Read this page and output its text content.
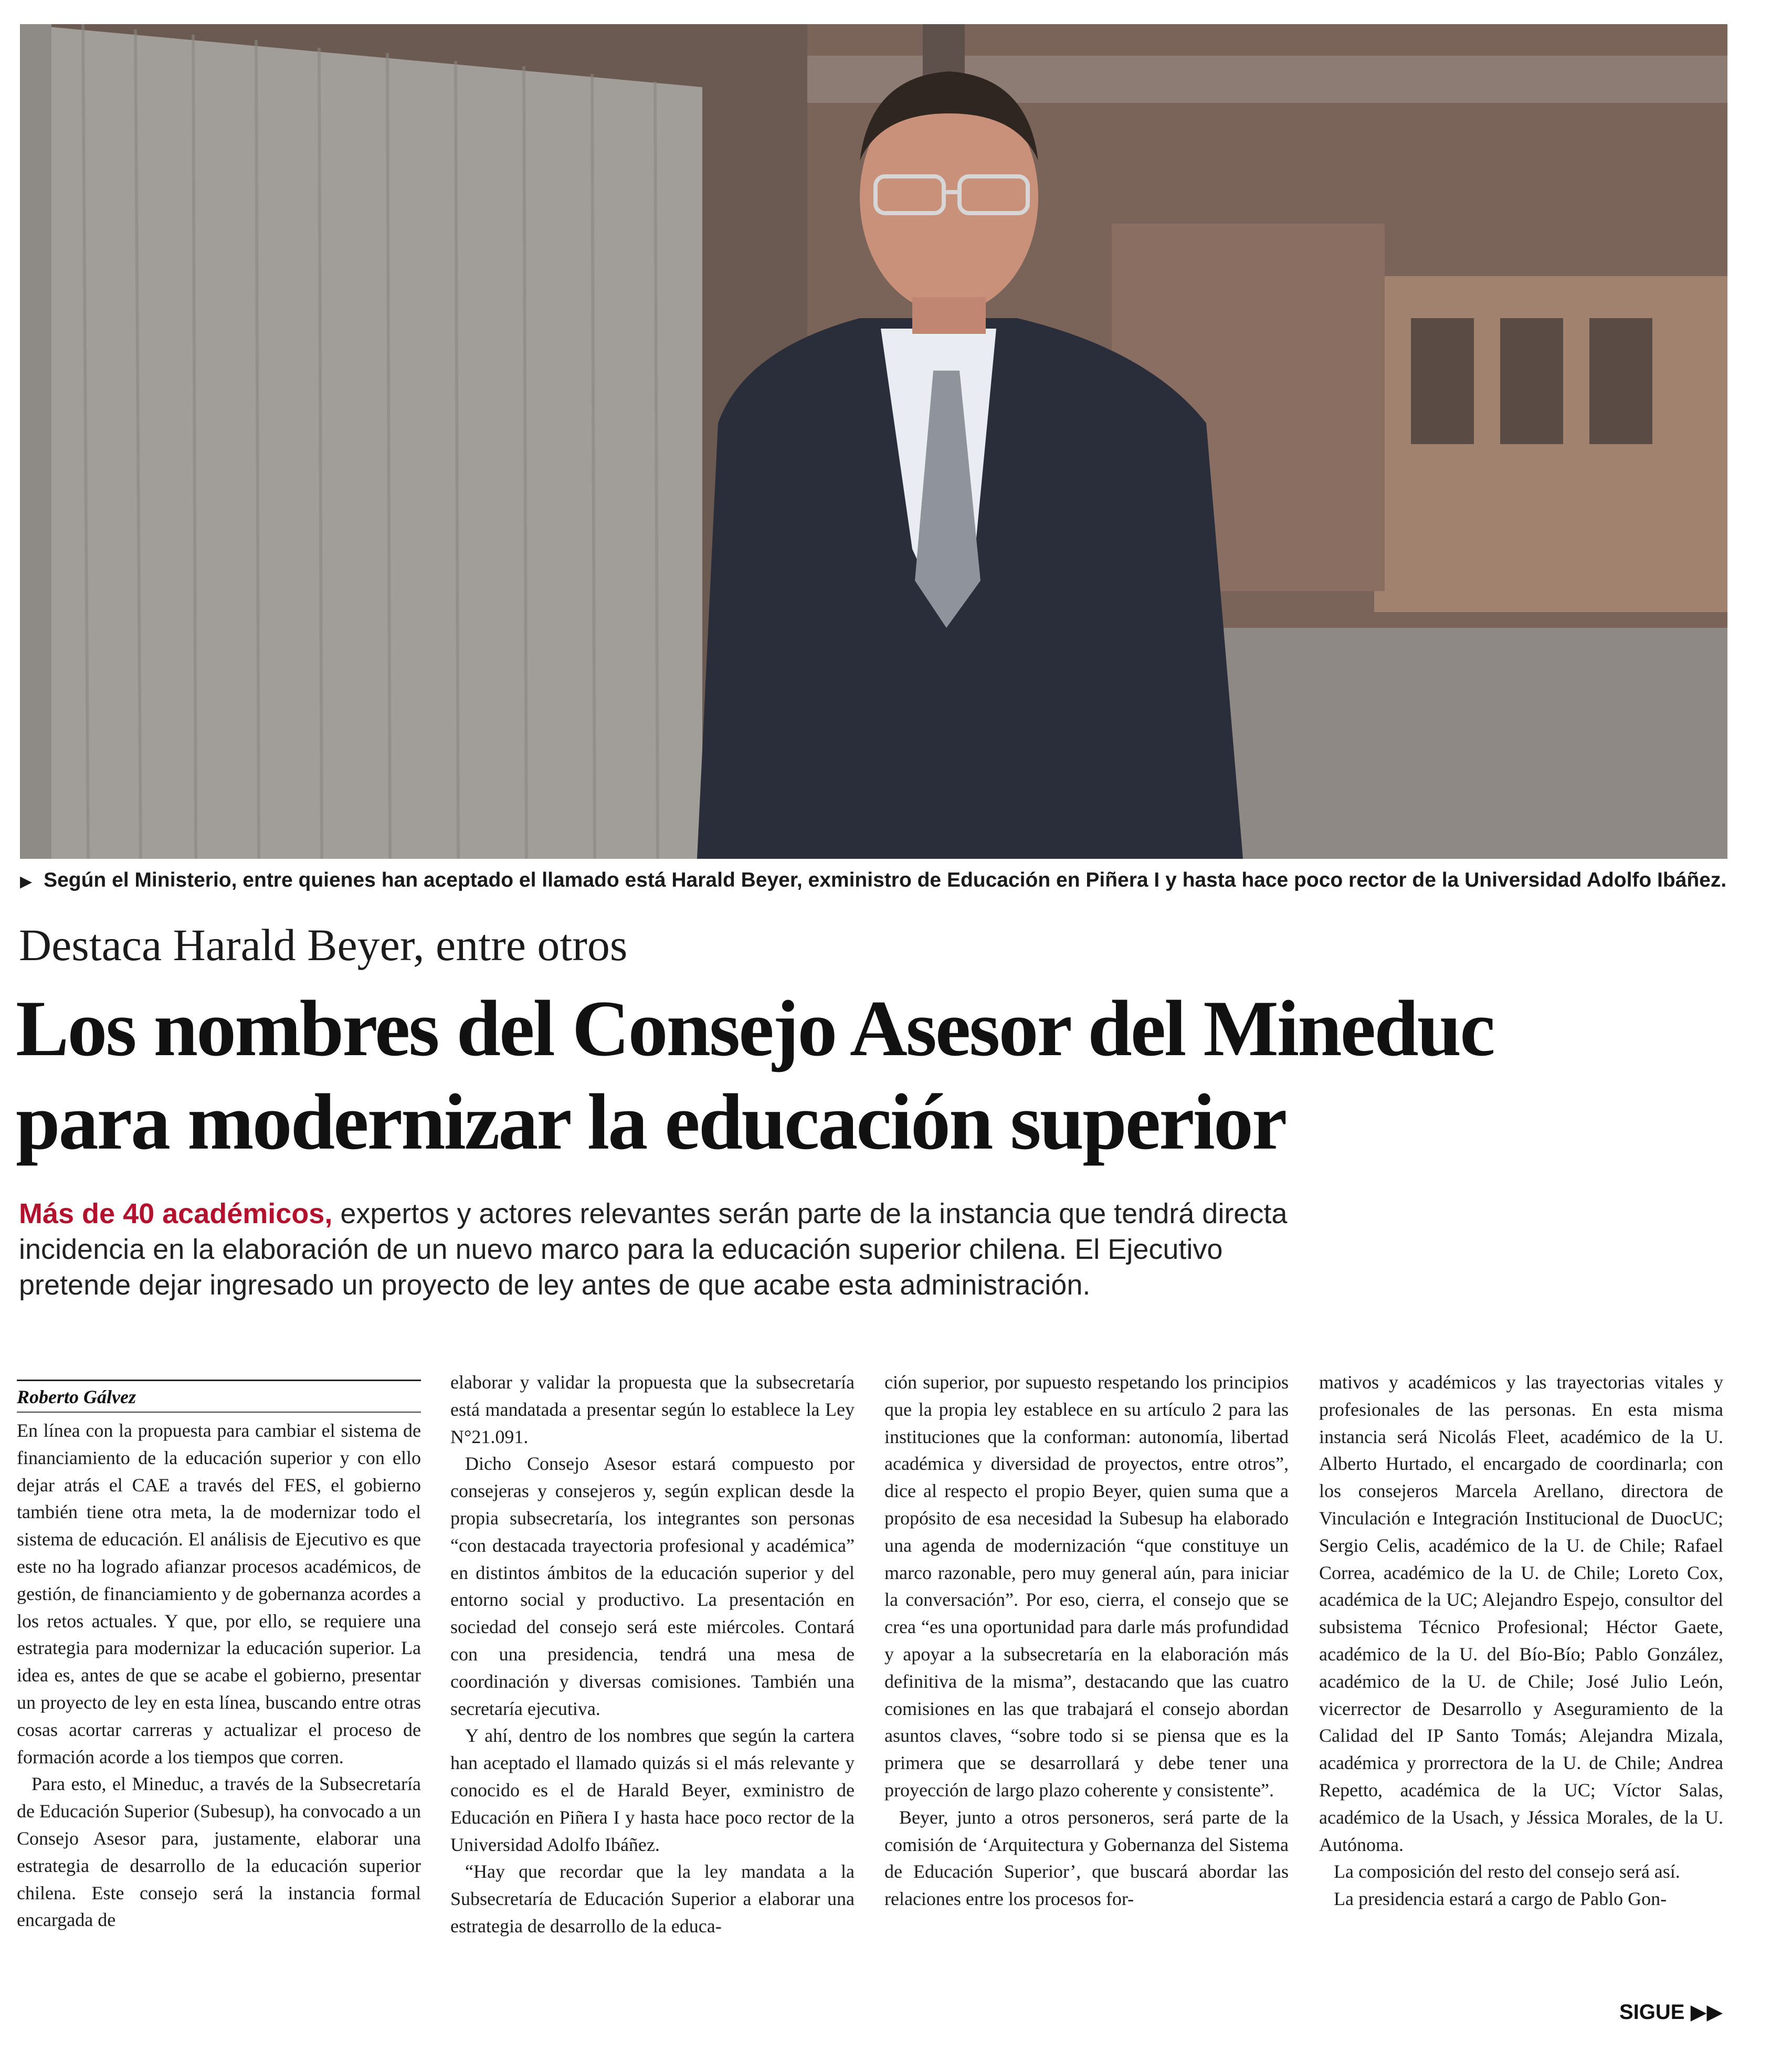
▶ Según el Ministerio, entre quienes han aceptado el llamado está Harald Beyer, exministro de Educación en Piñera I y hasta hace poco rector de la Universidad Adolfo Ibáñez.
Destaca Harald Beyer, entre otros
Los nombres del Consejo Asesor del Mineduc
para modernizar la educación superior
Más de 40 académicos, expertos y actores relevantes serán parte de la instancia que tendrá directa
incidencia en la elaboración de un nuevo marco para la educación superior chilena. El Ejecutivo
pretende dejar ingresado un proyecto de ley antes de que acabe esta administración.
Roberto Gálvez

En línea con la propuesta para cambiar el sistema de financiamiento de la educación superior y con ello dejar atrás el CAE a través del FES, el gobierno también tiene otra meta, la de modernizar todo el sistema de educación. El análisis de Ejecutivo es que este no ha logrado afianzar procesos académicos, de gestión, de financiamiento y de gobernanza acordes a los retos actuales. Y que, por ello, se requiere una estrategia para modernizar la educación superior. La idea es, antes de que se acabe el gobierno, presentar un proyecto de ley en esta línea, buscando entre otras cosas acortar carreras y actualizar el proceso de formación acorde a los tiempos que corren.

Para esto, el Mineduc, a través de la Subsecretaría de Educación Superior (Subesup), ha convocado a un Consejo Asesor para, justamente, elaborar una estrategia de desarrollo de la educación superior chilena. Este consejo será la instancia formal encargada de

elaborar y validar la propuesta que la subsecretaría está mandatada a presentar según lo establece la Ley N°21.091.

Dicho Consejo Asesor estará compuesto por consejeras y consejeros y, según explican desde la propia subsecretaría, los integrantes son personas “con destacada trayectoria profesional y académica” en distintos ámbitos de la educación superior y del entorno social y productivo. La presentación en sociedad del consejo será este miércoles. Contará con una presidencia, tendrá una mesa de coordinación y diversas comisiones. También una secretaría ejecutiva.

Y ahí, dentro de los nombres que según la cartera han aceptado el llamado quizás si el más relevante y conocido es el de Harald Beyer, exministro de Educación en Piñera I y hasta hace poco rector de la Universidad Adolfo Ibáñez.

“Hay que recordar que la ley mandata a la Subsecretaría de Educación Superior a elaborar una estrategia de desarrollo de la educa-

ción superior, por supuesto respetando los principios que la propia ley establece en su artículo 2 para las instituciones que la conforman: autonomía, libertad académica y diversidad de proyectos, entre otros”, dice al respecto el propio Beyer, quien suma que a propósito de esa necesidad la Subesup ha elaborado una agenda de modernización “que constituye un marco razonable, pero muy general aún, para iniciar la conversación”. Por eso, cierra, el consejo que se crea “es una oportunidad para darle más profundidad y apoyar a la subsecretaría en la elaboración más definitiva de la misma”, destacando que las cuatro comisiones en las que trabajará el consejo abordan asuntos claves, “sobre todo si se piensa que es la primera que se desarrollará y debe tener una proyección de largo plazo coherente y consistente”.

Beyer, junto a otros personeros, será parte de la comisión de ‘Arquitectura y Gobernanza del Sistema de Educación Superior’, que buscará abordar las relaciones entre los procesos for-

mativos y académicos y las trayectorias vitales y profesionales de las personas. En esta misma instancia será Nicolás Fleet, académico de la U. Alberto Hurtado, el encargado de coordinarla; con los consejeros Marcela Arellano, directora de Vinculación e Integración Institucional de DuocUC; Sergio Celis, académico de la U. de Chile; Rafael Correa, académico de la U. de Chile; Loreto Cox, académica de la UC; Alejandro Espejo, consultor del subsistema Técnico Profesional; Héctor Gaete, académico de la U. del Bío-Bío; Pablo González, académico de la U. de Chile; José Julio León, vicerrector de Desarrollo y Aseguramiento de la Calidad del IP Santo Tomás; Alejandra Mizala, académica y prorrectora de la U. de Chile; Andrea Repetto, académica de la UC; Víctor Salas, académico de la Usach, y Jéssica Morales, de la U. Autónoma.

La composición del resto del consejo será así.

La presidencia estará a cargo de Pablo Gon-

SIGUE ▶▶
